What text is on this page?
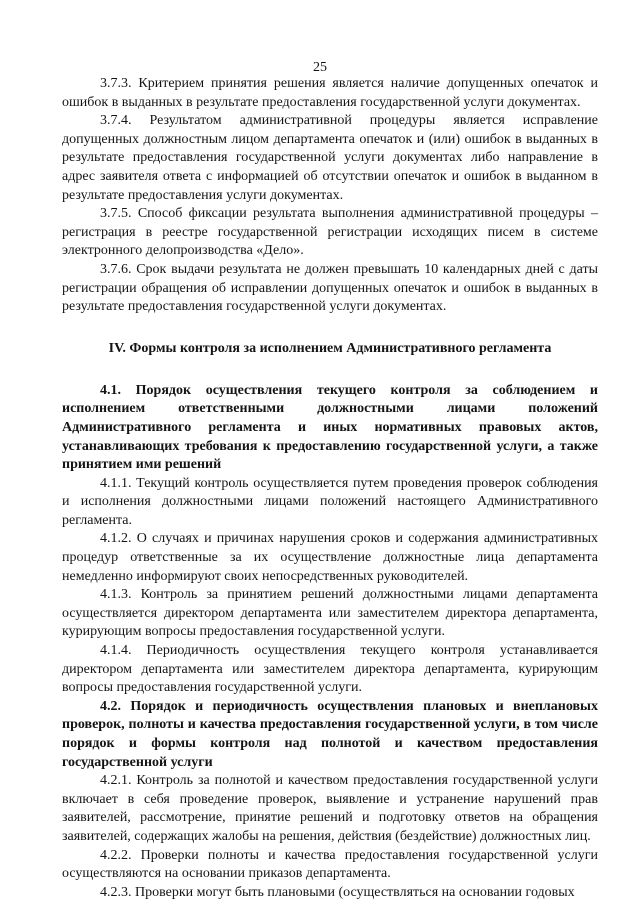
25

3.7.3. Критерием принятия решения является наличие допущенных опечаток и ошибок в выданных в результате предоставления государственной услуги документах.

3.7.4. Результатом административной процедуры является исправление допущенных должностным лицом департамента опечаток и (или) ошибок в выданных в результате предоставления государственной услуги документах либо направление в адрес заявителя ответа с информацией об отсутствии опечаток и ошибок в выданном в результате предоставления услуги документах.

3.7.5. Способ фиксации результата выполнения административной процедуры – регистрация в реестре государственной регистрации исходящих писем в системе электронного делопроизводства «Дело».

3.7.6. Срок выдачи результата не должен превышать 10 календарных дней с даты регистрации обращения об исправлении допущенных опечаток и ошибок в выданных в результате предоставления государственной услуги документах.

IV. Формы контроля за исполнением Административного регламента

4.1. Порядок осуществления текущего контроля за соблюдением и исполнением ответственными должностными лицами положений Административного регламента и иных нормативных правовых актов, устанавливающих требования к предоставлению государственной услуги, а также принятием ими решений

4.1.1. Текущий контроль осуществляется путем проведения проверок соблюдения и исполнения должностными лицами положений настоящего Административного регламента.

4.1.2. О случаях и причинах нарушения сроков и содержания административных процедур ответственные за их осуществление должностные лица департамента немедленно информируют своих непосредственных руководителей.

4.1.3. Контроль за принятием решений должностными лицами департамента осуществляется директором департамента или заместителем директора департамента, курирующим вопросы предоставления государственной услуги.

4.1.4. Периодичность осуществления текущего контроля устанавливается директором департамента или заместителем директора департамента, курирующим вопросы предоставления государственной услуги.

4.2. Порядок и периодичность осуществления плановых и внеплановых проверок, полноты и качества предоставления государственной услуги, в том числе порядок и формы контроля над полнотой и качеством предоставления государственной услуги

4.2.1. Контроль за полнотой и качеством предоставления государственной услуги включает в себя проведение проверок, выявление и устранение нарушений прав заявителей, рассмотрение, принятие решений и подготовку ответов на обращения заявителей, содержащих жалобы на решения, действия (бездействие) должностных лиц.

4.2.2. Проверки полноты и качества предоставления государственной услуги осуществляются на основании приказов департамента.

4.2.3. Проверки могут быть плановыми (осуществляться на основании годовых
